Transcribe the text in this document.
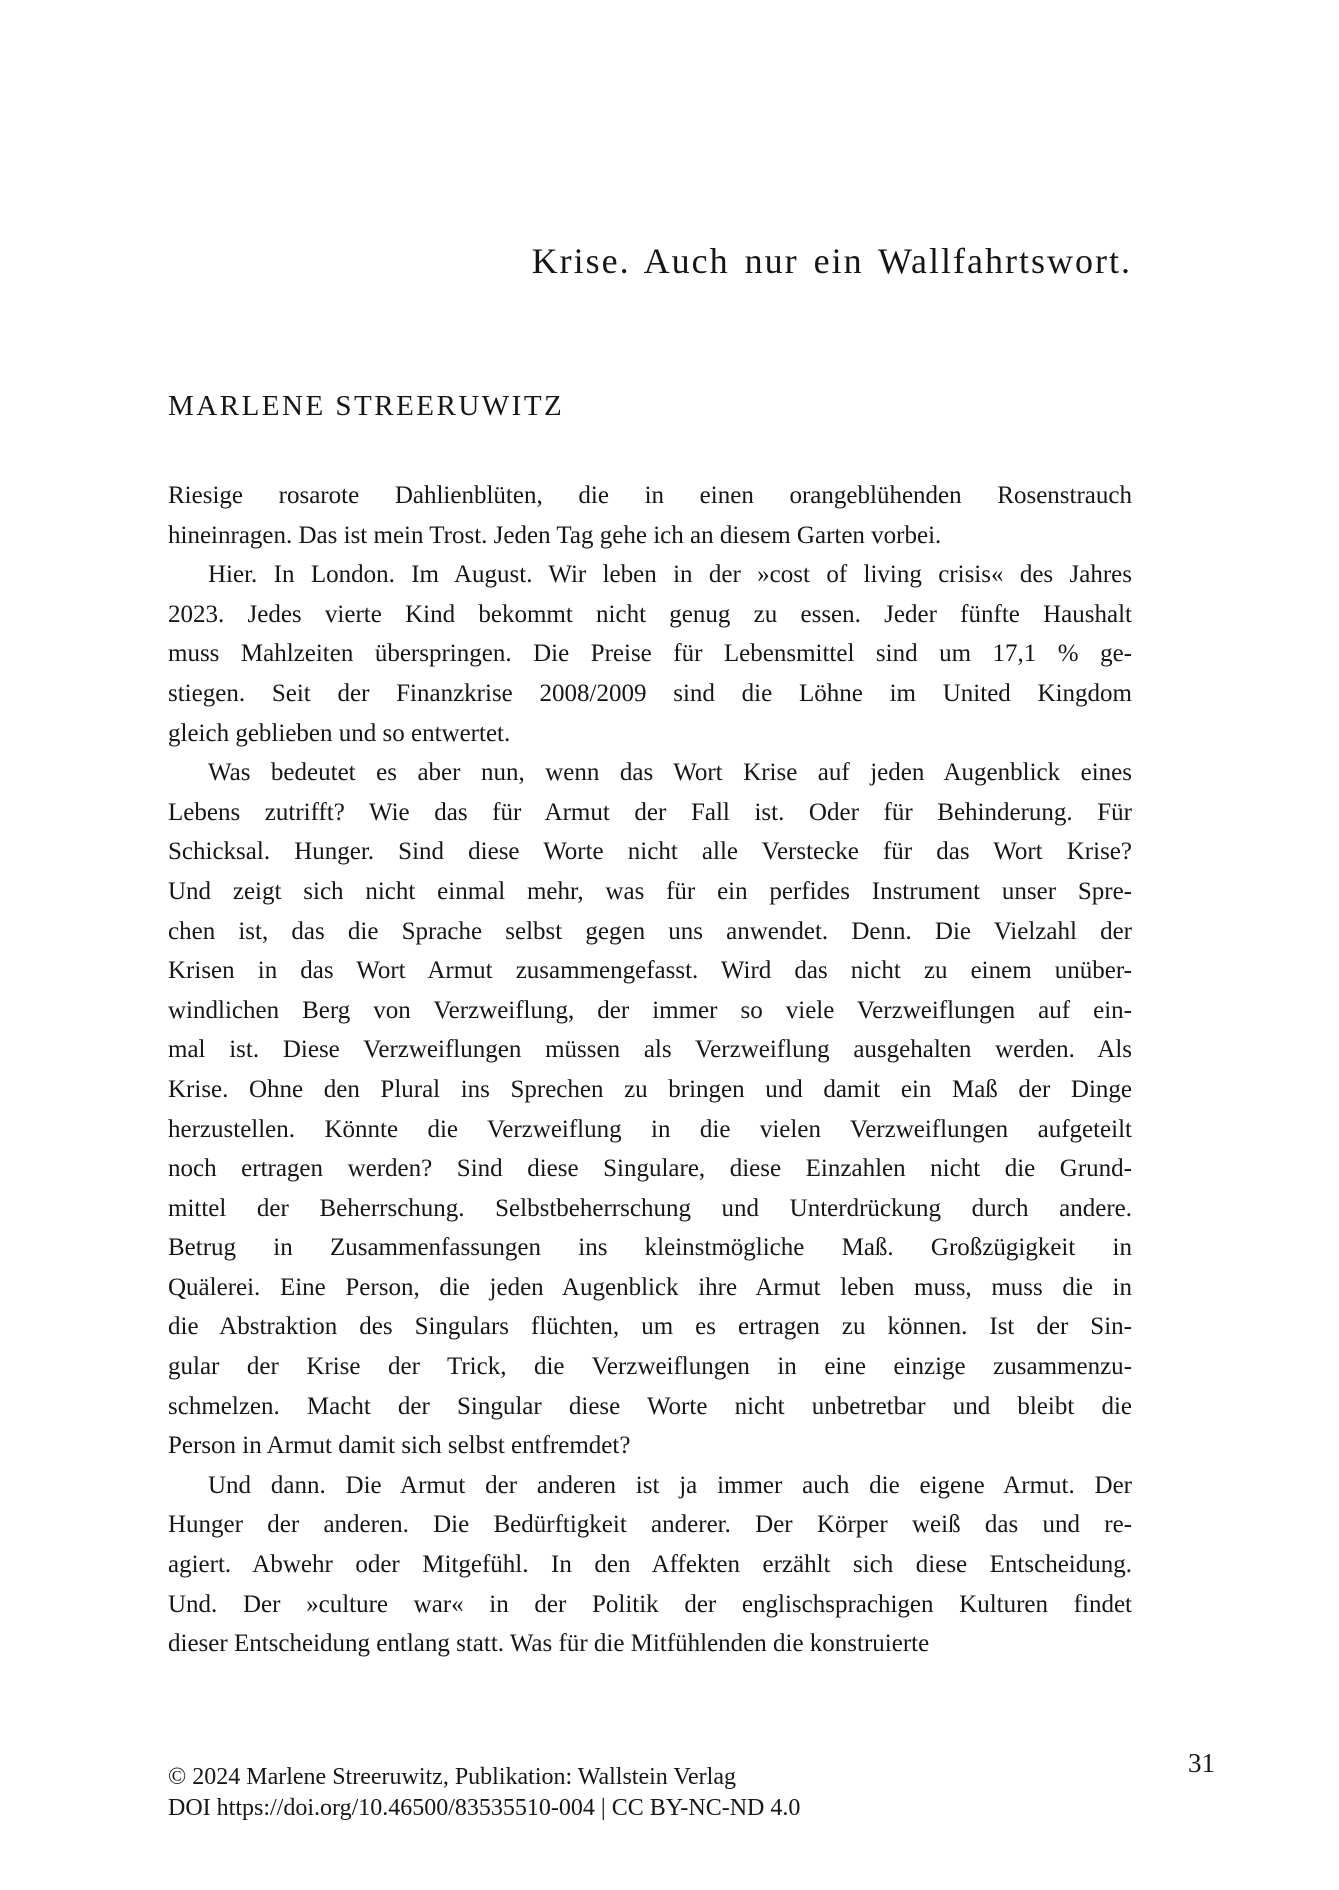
Krise. Auch nur ein Wallfahrtswort.
MARLENE STREERUWITZ
Riesige rosarote Dahlienblüten, die in einen orangeblühenden Rosenstrauch
hineinragen. Das ist mein Trost. Jeden Tag gehe ich an diesem Garten vorbei.
Hier. In London. Im August. Wir leben in der »cost of living crisis« des Jahres
2023. Jedes vierte Kind bekommt nicht genug zu essen. Jeder fünfte Haushalt
muss Mahlzeiten überspringen. Die Preise für Lebensmittel sind um 17,1 % ge-
stiegen. Seit der Finanzkrise 2008/2009 sind die Löhne im United Kingdom
gleich geblieben und so entwertet.
Was bedeutet es aber nun, wenn das Wort Krise auf jeden Augenblick eines
Lebens zutrifft? Wie das für Armut der Fall ist. Oder für Behinderung. Für
Schicksal. Hunger. Sind diese Worte nicht alle Verstecke für das Wort Krise?
Und zeigt sich nicht einmal mehr, was für ein perfides Instrument unser Spre-
chen ist, das die Sprache selbst gegen uns anwendet. Denn. Die Vielzahl der
Krisen in das Wort Armut zusammengefasst. Wird das nicht zu einem unüber-
windlichen Berg von Verzweiflung, der immer so viele Verzweiflungen auf ein-
mal ist. Diese Verzweiflungen müssen als Verzweiflung ausgehalten werden. Als
Krise. Ohne den Plural ins Sprechen zu bringen und damit ein Maß der Dinge
herzustellen. Könnte die Verzweiflung in die vielen Verzweiflungen aufgeteilt
noch ertragen werden? Sind diese Singulare, diese Einzahlen nicht die Grund-
mittel der Beherrschung. Selbstbeherrschung und Unterdrückung durch andere.
Betrug in Zusammenfassungen ins kleinstmögliche Maß. Großzügigkeit in
Quälerei. Eine Person, die jeden Augenblick ihre Armut leben muss, muss die in
die Abstraktion des Singulars flüchten, um es ertragen zu können. Ist der Sin-
gular der Krise der Trick, die Verzweiflungen in eine einzige zusammenzu-
schmelzen. Macht der Singular diese Worte nicht unbetretbar und bleibt die
Person in Armut damit sich selbst entfremdet?
Und dann. Die Armut der anderen ist ja immer auch die eigene Armut. Der
Hunger der anderen. Die Bedürftigkeit anderer. Der Körper weiß das und re-
agiert. Abwehr oder Mitgefühl. In den Affekten erzählt sich diese Entscheidung.
Und. Der »culture war« in der Politik der englischsprachigen Kulturen findet
dieser Entscheidung entlang statt. Was für die Mitfühlenden die konstruierte
© 2024 Marlene Streeruwitz, Publikation: Wallstein Verlag
DOI https://doi.org/10.46500/83535510-004 | CC BY-NC-ND 4.0
31
